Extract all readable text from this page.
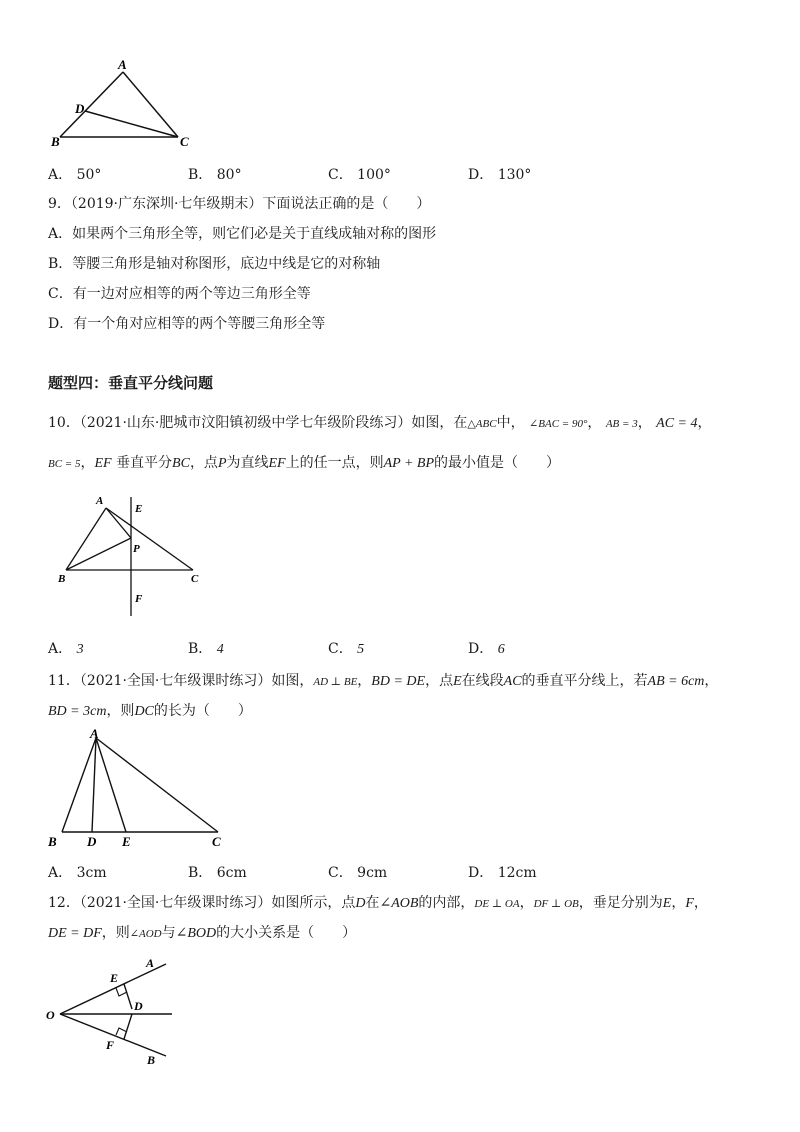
A
D
B	C
A． 50°	B． 80°	C． 100°	D． 130°
9．（2019·广东深圳·七年级期末）下面说法正确的是（　　）
A．如果两个三角形全等，则它们必是关于直线成轴对称的图形
B．等腰三角形是轴对称图形，底边中线是它的对称轴
C．有一边对应相等的两个等边三角形全等
D．有一个角对应相等的两个等腰三角形全等
题型四：垂直平分线问题
10．（2021·山东·肥城市汶阳镇初级中学七年级阶段练习）如图，在△ABC中， ∠BAC = 90°， AB = 3， AC = 4，
BC = 5，EF 垂直平分BC，点P为直线EF上的任一点，则AP + BP的最小值是（　　）
A
E
P
B	C
F
A． 3	B． 4	C． 5	D． 6
11．（2021·全国·七年级课时练习）如图，AD ⊥ BE，BD = DE，点E在线段AC的垂直平分线上，若AB = 6cm，
BD = 3cm，则DC的长为（　　）
A
B D E	C
A． 3cm	B． 6cm	C． 9cm	D． 12cm
12．（2021·全国·七年级课时练习）如图所示，点D在∠AOB的内部，DE ⊥ OA，DF ⊥ OB，垂足分别为E，F，
DE = DF，则∠AOD与∠BOD的大小关系是（　　）
A
E
D
O
F
B
